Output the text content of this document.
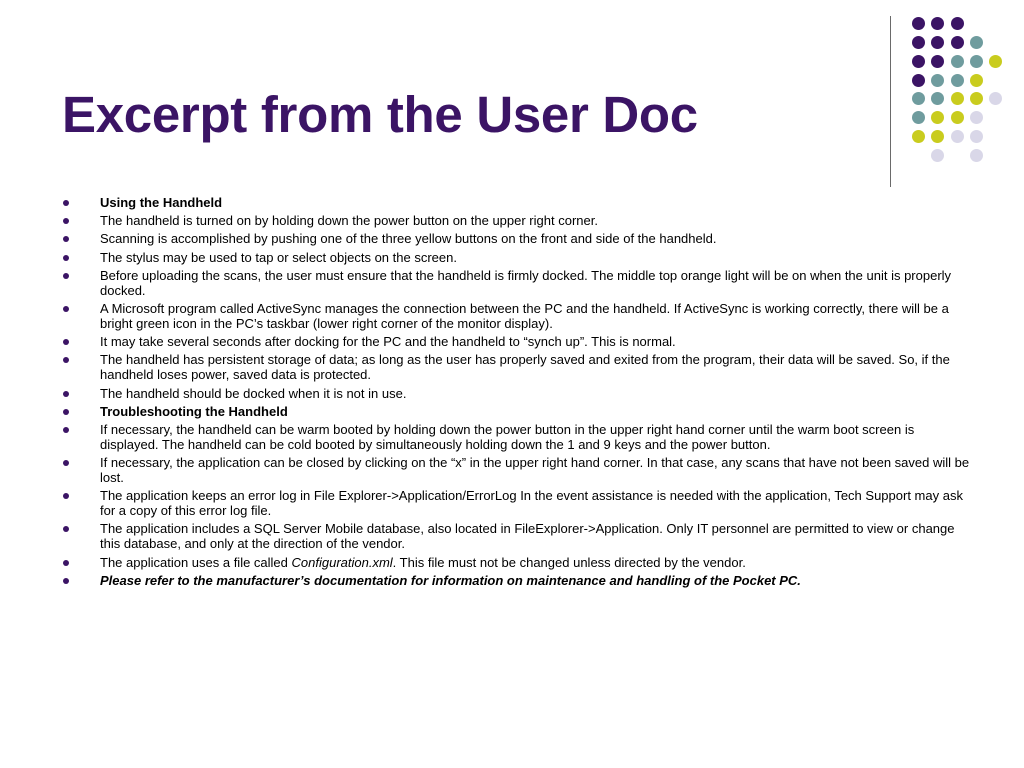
Excerpt from the User Doc
Using the Handheld
The handheld is turned on by holding down the power button on the upper right corner.
Scanning is accomplished by pushing one of the three yellow buttons on the front and side of the handheld.
The stylus may be used to tap or select objects on the screen.
Before uploading the scans, the user must ensure that the handheld is firmly docked. The middle top orange light will be on when the unit is properly docked.
A Microsoft program called ActiveSync manages the connection between the PC and the handheld. If ActiveSync is working correctly, there will be a bright green icon in the PC’s taskbar (lower right corner of the monitor display).
It may take several seconds after docking for the PC and the handheld to “synch up”. This is normal.
The handheld has persistent storage of data; as long as the user has properly saved and exited from the program, their data will be saved. So, if the handheld loses power, saved data is protected.
The handheld should be docked when it is not in use.
Troubleshooting the Handheld
If necessary, the handheld can be warm booted by holding down the power button in the upper right hand corner until the warm boot screen is displayed. The handheld can be cold booted by simultaneously holding down the 1 and 9 keys and the power button.
If necessary, the application can be closed by clicking on the “x” in the upper right hand corner. In that case, any scans that have not been saved will be lost.
The application keeps an error log in File Explorer->Application/ErrorLog In the event assistance is needed with the application, Tech Support may ask for a copy of this error log file.
The application includes a SQL Server Mobile database, also located in FileExplorer->Application. Only IT personnel are permitted to view or change this database, and only at the direction of the vendor.
The application uses a file called Configuration.xml. This file must not be changed unless directed by the vendor.
Please refer to the manufacturer’s documentation for information on maintenance and handling of the Pocket PC.
